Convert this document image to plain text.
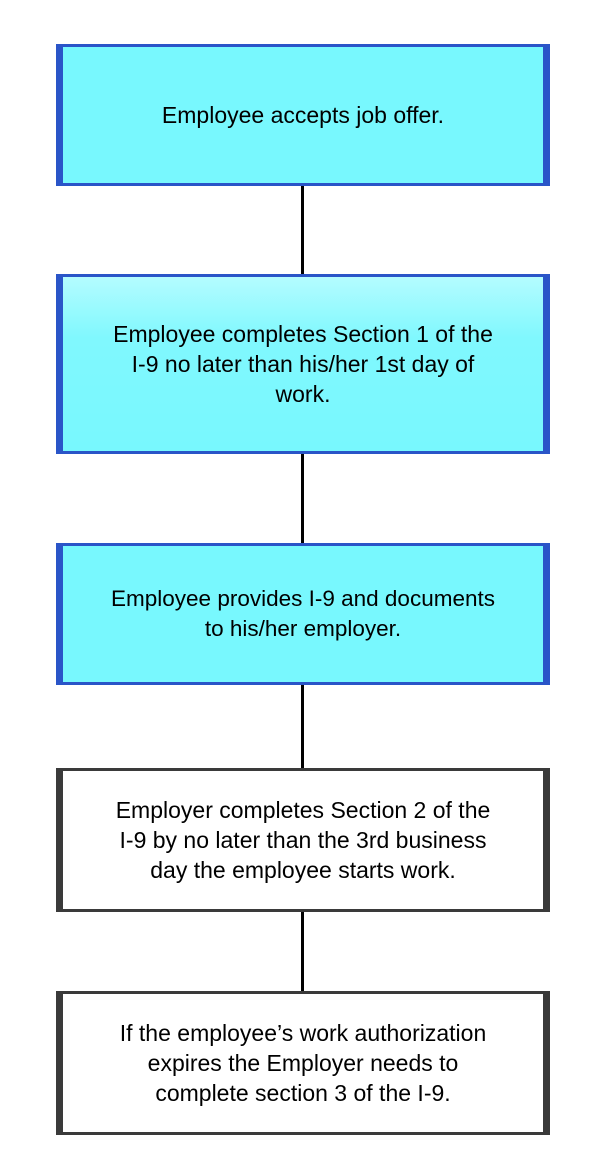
Employee accepts job offer.
Employee completes Section 1 of the
I-9 no later than his/her 1st day of
work.
Employee provides I-9 and documents
to his/her employer.
Employer completes Section 2 of the
I-9 by no later than the 3rd business
day the employee starts work.
If the employee’s work authorization
expires the Employer needs to
complete section 3 of the I-9.
